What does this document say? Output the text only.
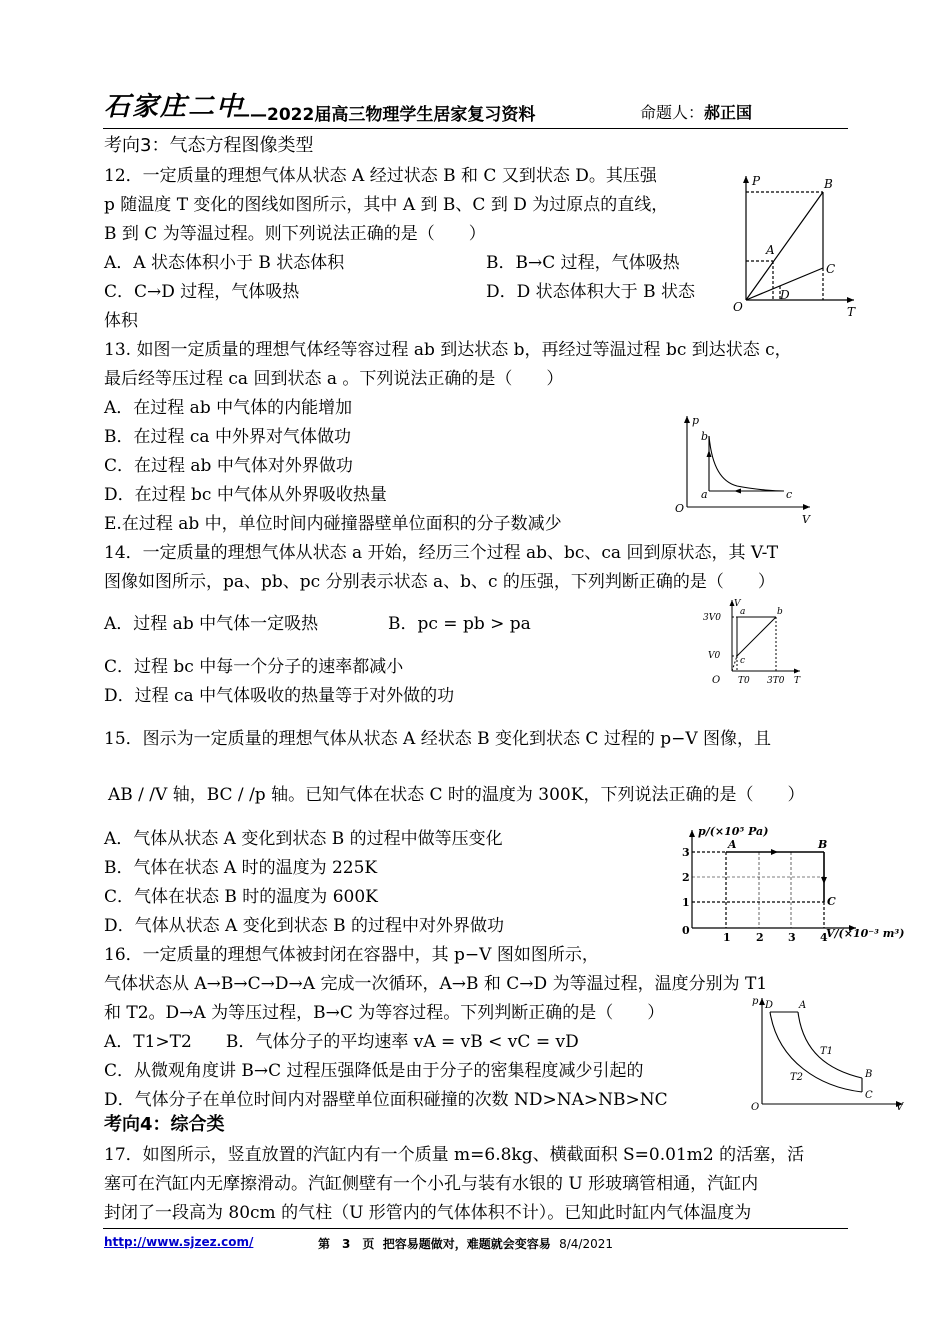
石家庄二中
——2022届高三物理学生居家复习资料	命题人：郝正国
考向3：气态方程图像类型
12．一定质量的理想气体从状态 A 经过状态 B 和 C 又到状态 D。其压强
p 随温度 T 变化的图线如图所示，其中 A 到 B、C 到 D 为过原点的直线，
B 到 C 为等温过程。则下列说法正确的是（　　）
A．A 状态体积小于 B 状态体积	B．B→C 过程，气体吸热
C．C→D 过程，气体吸热	D．D 状态体积大于 B 状态
体积
P
T
O
A
B
C
D
13. 如图一定质量的理想气体经等容过程 ab 到达状态 b，再经过等温过程 bc 到达状态 c，
最后经等压过程 ca 回到状态 a 。下列说法正确的是（　　）
A．在过程 ab 中气体的内能增加
B．在过程 ca 中外界对气体做功
C．在过程 ab 中气体对外界做功
D．在过程 bc 中气体从外界吸收热量
E.在过程 ab 中，单位时间内碰撞器壁单位面积的分子数减少
p
V
O
a
b
c
14．一定质量的理想气体从状态 a 开始，经历三个过程 ab、bc、ca 回到原状态，其 V-T
图像如图所示，pa、pb、pc 分别表示状态 a、b、c 的压强，下列判断正确的是（　　）
A．过程 ab 中气体一定吸热	B．pc = pb > pa
C．过程 bc 中每一个分子的速率都减小
D．过程 ca 中气体吸收的热量等于对外做的功
3V0
V0
T0 3T0
V
T
O
a	b
c
15．图示为一定质量的理想气体从状态 A 经状态 B 变化到状态 C 过程的 p−V 图像，且
AB / /V 轴，BC / /p 轴。已知气体在状态 C 时的温度为 300K，下列说法正确的是（　　）
A．气体从状态 A 变化到状态 B 的过程中做等压变化
B．气体在状态 A 时的温度为 225K
C．气体在状态 B 时的温度为 600K
D．气体从状态 A 变化到状态 B 的过程中对外界做功
p/(×10⁵ Pa)
V/(×10⁻³ m³)
3
2
1
0
1 2 3 4
A	B
C
16．一定质量的理想气体被封闭在容器中，其 p−V 图如图所示，
气体状态从 A→B→C→D→A 完成一次循环，A→B 和 C→D 为等温过程，温度分别为 T1
和 T2。D→A 为等压过程，B→C 为等容过程。下列判断正确的是（　　）
A．T1>T2　　B．气体分子的平均速率 vA = vB < vC = vD
C．从微观角度讲 B→C 过程压强降低是由于分子的密集程度减少引起的
D．气体分子在单位时间内对器壁单位面积碰撞的次数 ND>NA>NB>NC
p
V
O
D	A
B
C
T1
T2
考向4：综合类
17．如图所示，竖直放置的汽缸内有一个质量 m=6.8kg、横截面积 S=0.01m2 的活塞，活
塞可在汽缸内无摩擦滑动。汽缸侧壁有一个小孔与装有水银的 U 形玻璃管相通，汽缸内
封闭了一段高为 80cm 的气柱（U 形管内的气体体积不计）。已知此时缸内气体温度为
http://www.sjzez.com/	第　3　页 把容易题做对，难题就会变容易 8/4/2021
